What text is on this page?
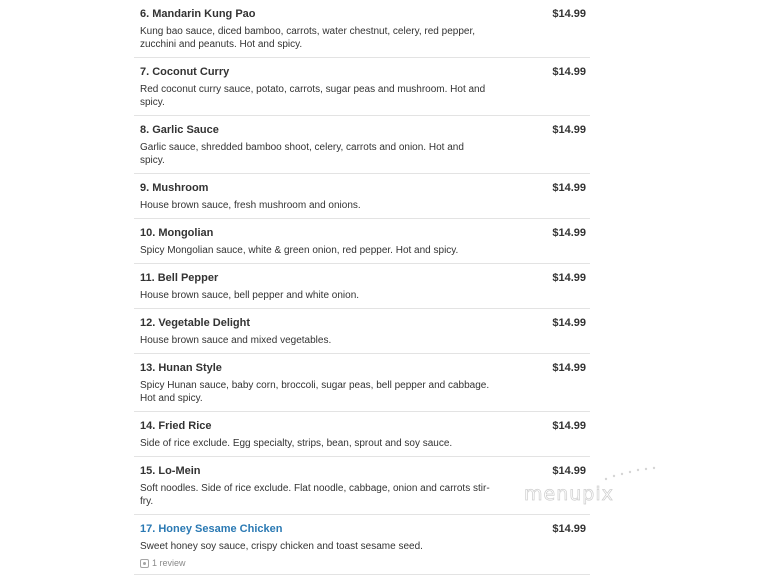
6. Mandarin Kung Pao	$14.99
Kung bao sauce, diced bamboo, carrots, water chestnut, celery, red pepper, zucchini and peanuts. Hot and spicy.
7. Coconut Curry	$14.99
Red coconut curry sauce, potato, carrots, sugar peas and mushroom. Hot and spicy.
8. Garlic Sauce	$14.99
Garlic sauce, shredded bamboo shoot, celery, carrots and onion. Hot and spicy.
9. Mushroom	$14.99
House brown sauce, fresh mushroom and onions.
10. Mongolian	$14.99
Spicy Mongolian sauce, white & green onion, red pepper. Hot and spicy.
11. Bell Pepper	$14.99
House brown sauce, bell pepper and white onion.
12. Vegetable Delight	$14.99
House brown sauce and mixed vegetables.
13. Hunan Style	$14.99
Spicy Hunan sauce, baby corn, broccoli, sugar peas, bell pepper and cabbage. Hot and spicy.
14. Fried Rice	$14.99
Side of rice exclude. Egg specialty, strips, bean, sprout and soy sauce.
15. Lo-Mein	$14.99
Soft noodles. Side of rice exclude. Flat noodle, cabbage, onion and carrots stir-fry.
17. Honey Sesame Chicken	$14.99
Sweet honey soy sauce, crispy chicken and toast sesame seed.
1 review
menupix
